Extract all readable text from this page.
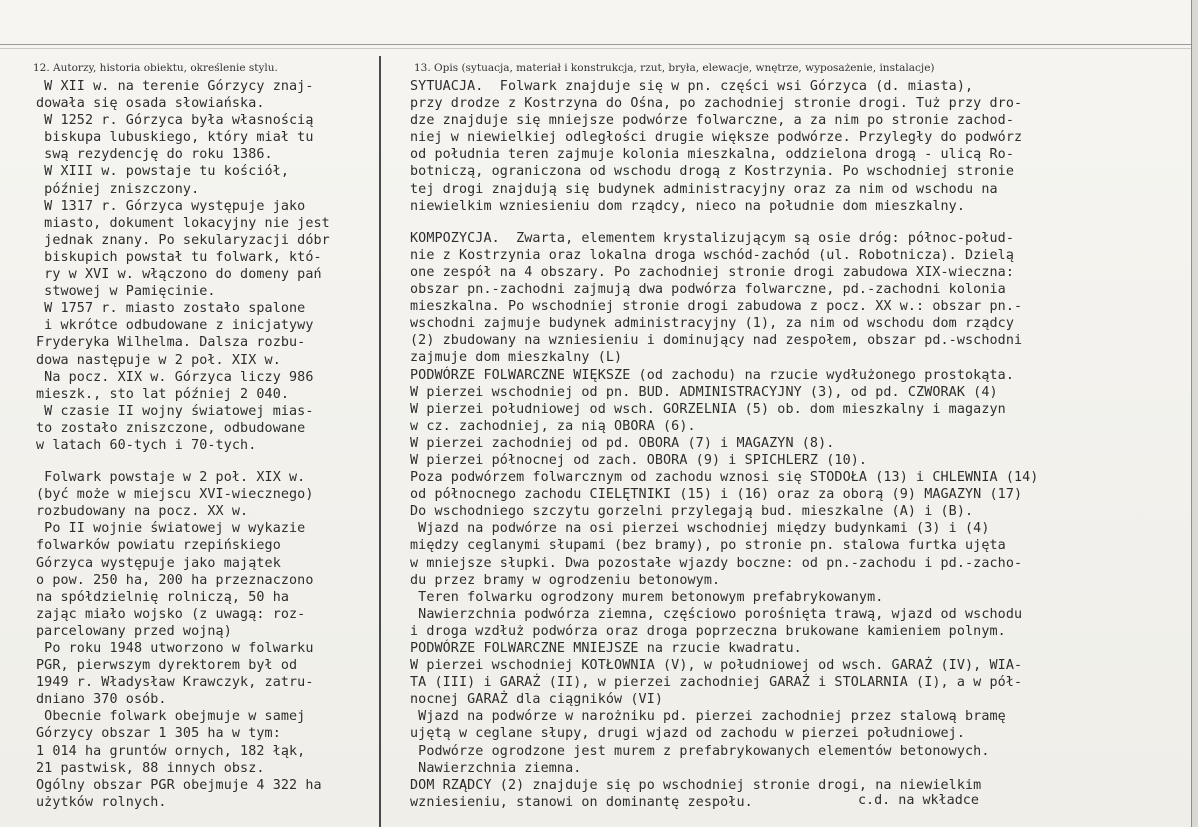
12. Autorzy, historia obiektu, określenie stylu.	13. Opis (sytuacja, materiał i konstrukcja, rzut, bryła, elewacje, wnętrze, wyposażenie, instalacje)
W XII w. na terenie Górzycy znaj-
dowała się osada słowiańska.
W 1252 r. Górzyca była własnością
biskupa lubuskiego, który miał tu
swą rezydencję do roku 1386.
W XIII w. powstaje tu kościół,
później zniszczony.
W 1317 r. Górzyca występuje jako
miasto, dokument lokacyjny nie jest
jednak znany. Po sekularyzacji dóbr
biskupich powstał tu folwark, któ-
ry w XVI w. włączono do domeny pań
stwowej w Pamięcinie.
W 1757 r. miasto zostało spalone
i wkrótce odbudowane z inicjatywy
Fryderyka Wilhelma. Dalsza rozbu-
dowa następuje w 2 poł. XIX w.
Na pocz. XIX w. Górzyca liczy 986
mieszk., sto lat później 2 040.
W czasie II wojny światowej mias-
to zostało zniszczone, odbudowane
w latach 60-tych i 70-tych.
Folwark powstaje w 2 poł. XIX w.
(być może w miejscu XVI-wiecznego)
rozbudowany na pocz. XX w.
Po II wojnie światowej w wykazie
folwarków powiatu rzepińskiego
Górzyca występuje jako majątek
o pow. 250 ha, 200 ha przeznaczono
na spółdzielnię rolniczą, 50 ha
zając miało wojsko (z uwagą: roz-
parcelowany przed wojną)
Po roku 1948 utworzono w folwarku
PGR, pierwszym dyrektorem był od
1949 r. Władysław Krawczyk, zatru-
dniano 370 osób.
Obecnie folwark obejmuje w samej
Górzycy obszar 1 305 ha w tym:
1 014 ha gruntów ornych, 182 łąk,
21 pastwisk, 88 innych obsz.
Ogólny obszar PGR obejmuje 4 322 ha
użytków rolnych.
SYTUACJA.  Folwark znajduje się w pn. części wsi Górzyca (d. miasta),
przy drodze z Kostrzyna do Ośna, po zachodniej stronie drogi. Tuż przy dro-
dze znajduje się mniejsze podwórze folwarczne, a za nim po stronie zachod-
niej w niewielkiej odległości drugie większe podwórze. Przyległy do podwórz
od południa teren zajmuje kolonia mieszkalna, oddzielona drogą - ulicą Ro-
botniczą, ograniczona od wschodu drogą z Kostrzynia. Po wschodniej stronie
tej drogi znajdują się budynek administracyjny oraz za nim od wschodu na
niewielkim wzniesieniu dom rządcy, nieco na południe dom mieszkalny.
KOMPOZYCJA.  Zwarta, elementem krystalizującym są osie dróg: północ-połud-
nie z Kostrzynia oraz lokalna droga wschód-zachód (ul. Robotnicza). Dzielą
one zespół na 4 obszary. Po zachodniej stronie drogi zabudowa XIX-wieczna:
obszar pn.-zachodni zajmują dwa podwórza folwarczne, pd.-zachodni kolonia
mieszkalna. Po wschodniej stronie drogi zabudowa z pocz. XX w.: obszar pn.-
wschodni zajmuje budynek administracyjny (1), za nim od wschodu dom rządcy
(2) zbudowany na wzniesieniu i dominujący nad zespołem, obszar pd.-wschodni
zajmuje dom mieszkalny (L)
PODWÓRZE FOLWARCZNE WIĘKSZE (od zachodu) na rzucie wydłużonego prostokąta.
W pierzei wschodniej od pn. BUD. ADMINISTRACYJNY (3), od pd. CZWORAK (4)
W pierzei południowej od wsch. GORZELNIA (5) ob. dom mieszkalny i magazyn
w cz. zachodniej, za nią OBORA (6).
W pierzei zachodniej od pd. OBORA (7) i MAGAZYN (8).
W pierzei północnej od zach. OBORA (9) i SPICHLERZ (10).
Poza podwórzem folwarcznym od zachodu wznosi się STODOŁA (13) i CHLEWNIA (14)
od północnego zachodu CIELĘTNIKI (15) i (16) oraz za oborą (9) MAGAZYN (17)
Do wschodniego szczytu gorzelni przylegają bud. mieszkalne (A) i (B).
Wjazd na podwórze na osi pierzei wschodniej między budynkami (3) i (4)
między ceglanymi słupami (bez bramy), po stronie pn. stalowa furtka ujęta
w mniejsze słupki. Dwa pozostałe wjazdy boczne: od pn.-zachodu i pd.-zacho-
du przez bramy w ogrodzeniu betonowym.
Teren folwarku ogrodzony murem betonowym prefabrykowanym.
Nawierzchnia podwórza ziemna, częściowo porośnięta trawą, wjazd od wschodu
i droga wzdłuż podwórza oraz droga poprzeczna brukowane kamieniem polnym.
PODWÓRZE FOLWARCZNE MNIEJSZE na rzucie kwadratu.
W pierzei wschodniej KOTŁOWNIA (V), w południowej od wsch. GARAŻ (IV), WIA-
TA (III) i GARAŻ (II), w pierzei zachodniej GARAŻ i STOLARNIA (I), a w pół-
nocnej GARAŻ dla ciągników (VI)
Wjazd na podwórze w narożniku pd. pierzei zachodniej przez stalową bramę
ujętą w ceglane słupy, drugi wjazd od zachodu w pierzei południowej.
Podwórze ogrodzone jest murem z prefabrykowanych elementów betonowych.
Nawierzchnia ziemna.
DOM RZĄDCY (2) znajduje się po wschodniej stronie drogi, na niewielkim
wzniesieniu, stanowi on dominantę zespołu.	c.d. na wkładce
